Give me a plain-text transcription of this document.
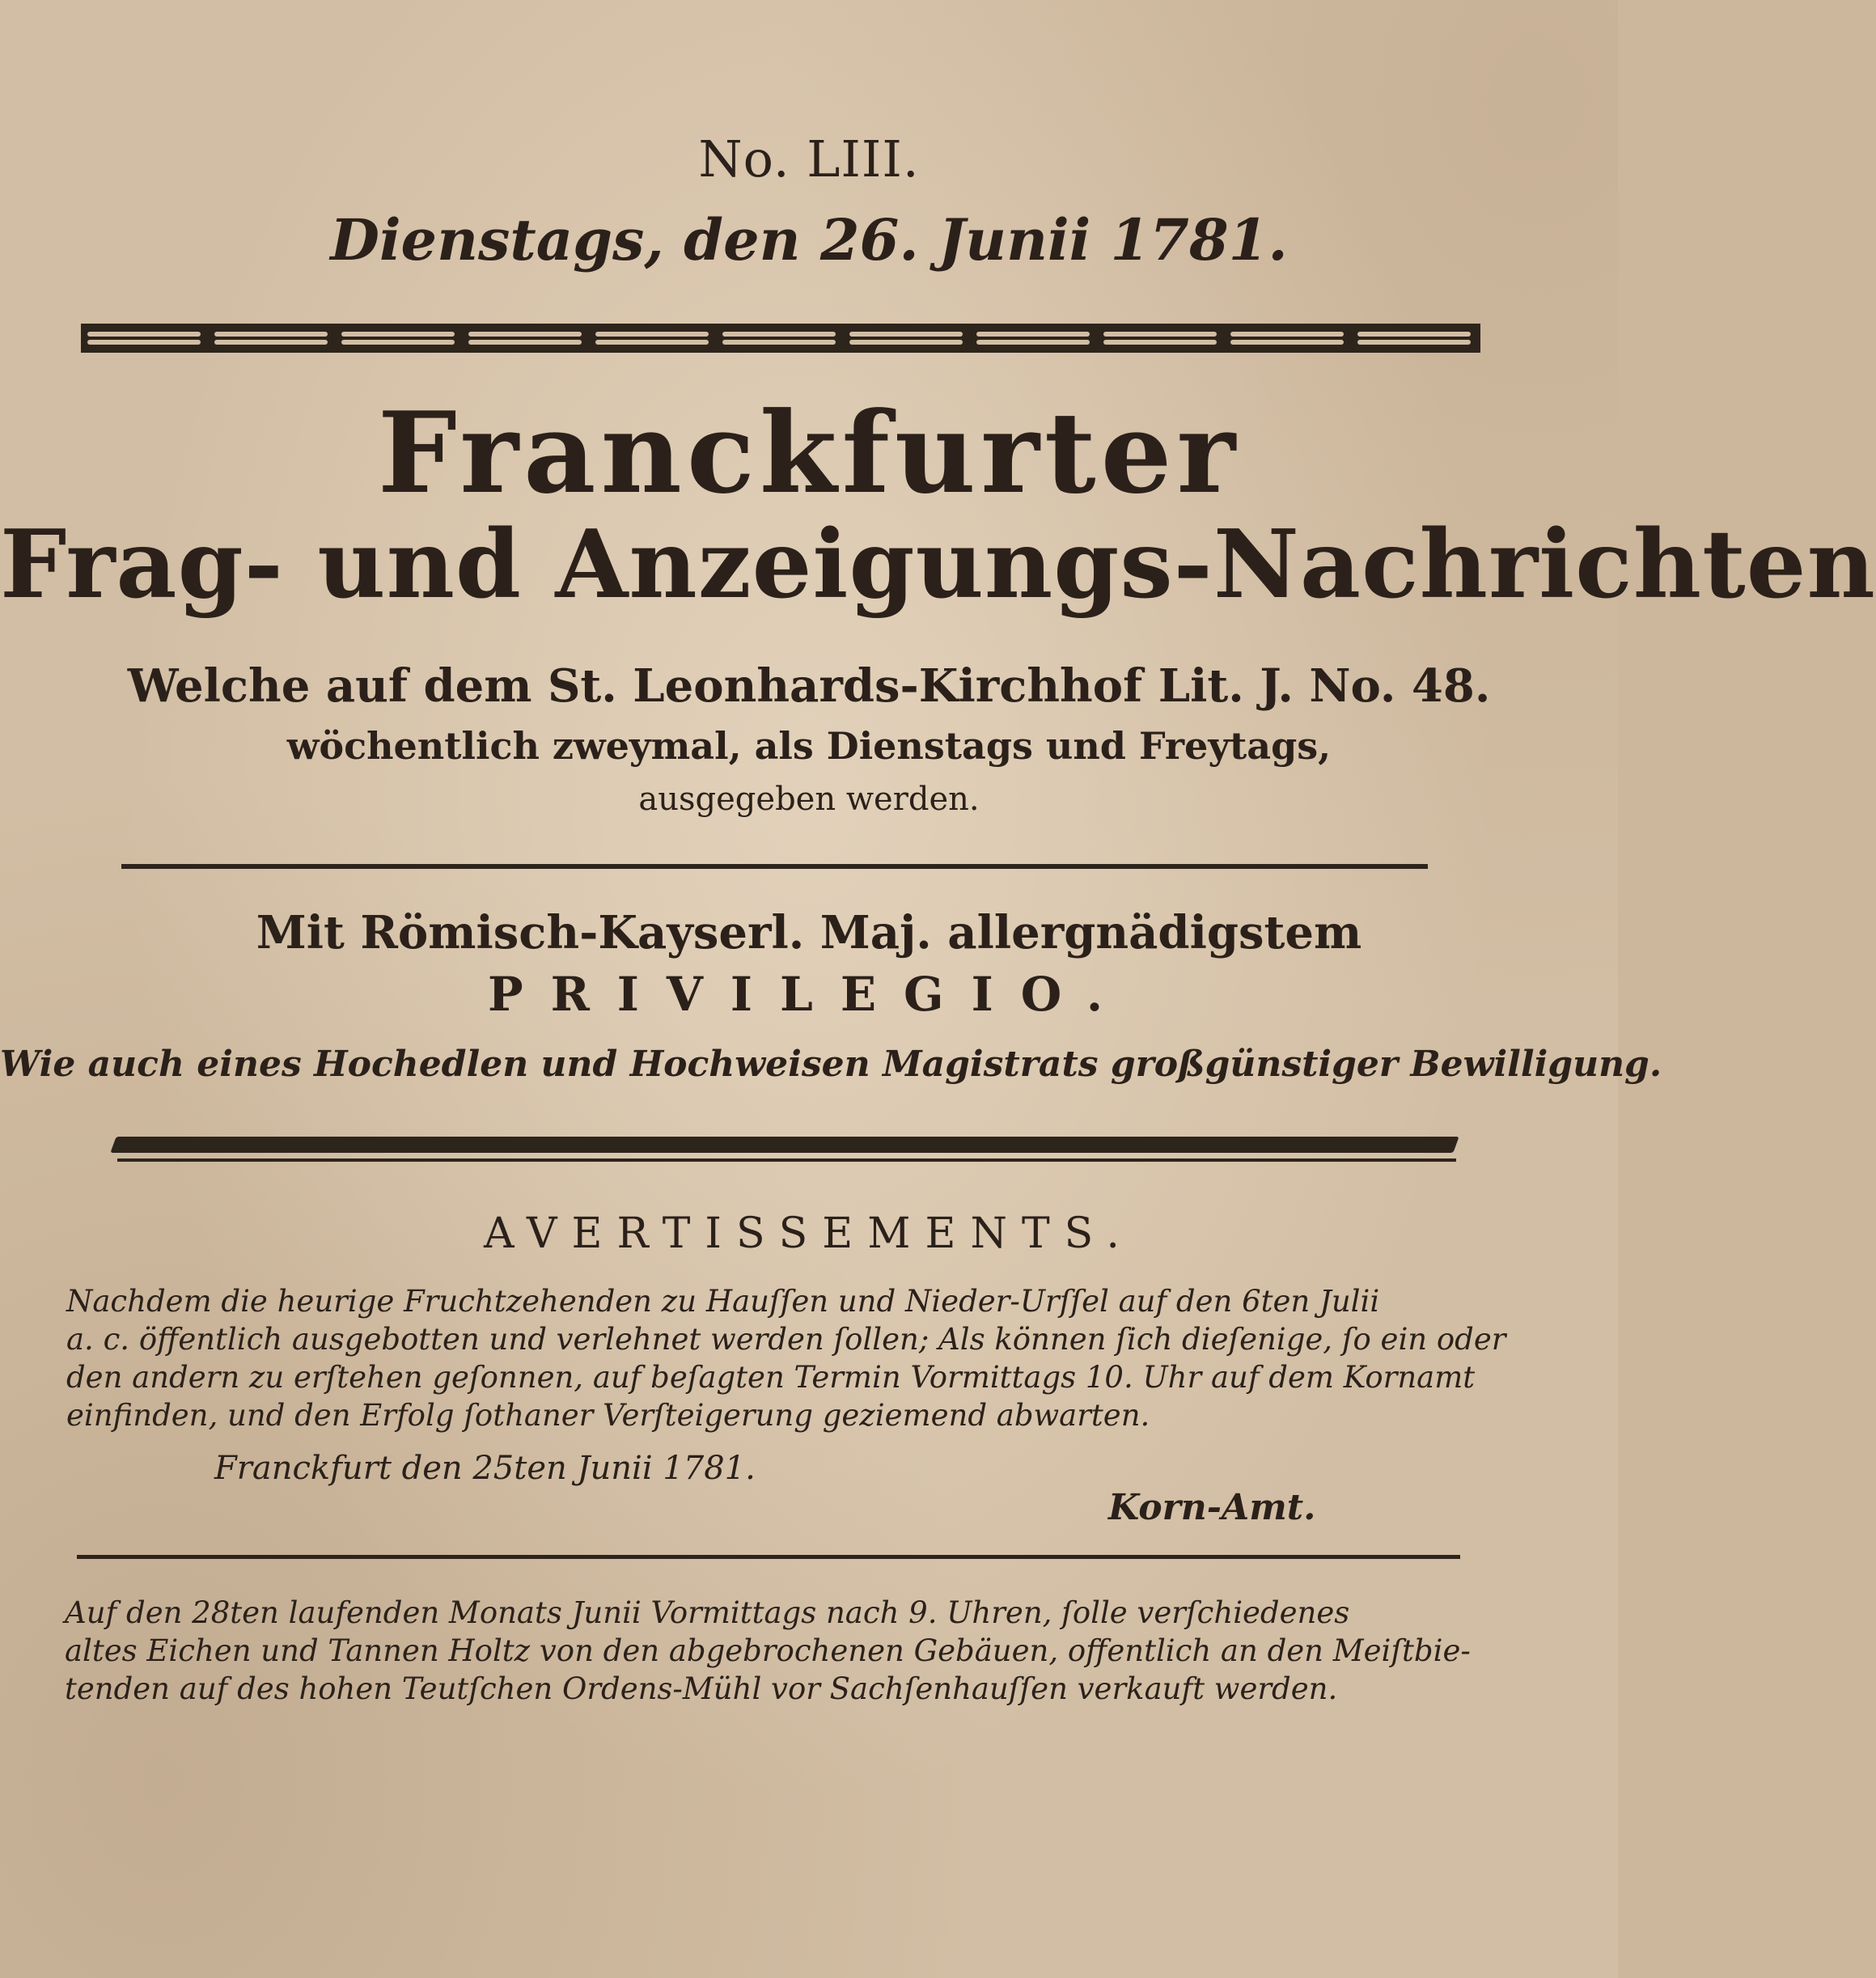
No. LIII.
Dienstags, den 26. Junii 1781.
Franckfurter
Frag- und Anzeigungs-Nachrichten
Welche auf dem St. Leonhards-Kirchhof Lit. J. No. 48.
wöchentlich zweymal, als Dienstags und Freytags,
ausgegeben werden.
Mit Römisch-Kayserl. Maj. allergnädigstem
PRIVILEGIO.
Wie auch eines Hochedlen und Hochweisen Magistrats großgünstiger Bewilligung.
AVERTISSEMENTS.
Nachdem die heurige Fruchtzehenden zu Hauſſen und Nieder-Urſſel auf den 6ten Julii
a. c. öffentlich ausgebotten und verlehnet werden ſollen; Als können ſich dieſenige, ſo ein oder
den andern zu erſtehen geſonnen, auf beſagten Termin Vormittags 10. Uhr auf dem Kornamt
einfinden, und den Erfolg ſothaner Verſteigerung geziemend abwarten.
Franckfurt den 25ten Junii 1781.
Korn-Amt.
Auf den 28ten laufenden Monats Junii Vormittags nach 9. Uhren, ſolle verſchiedenes
altes Eichen und Tannen Holtz von den abgebrochenen Gebäuen, offentlich an den Meiſtbie-
tenden auf des hohen Teutſchen Ordens-Mühl vor Sachſenhauſſen verkauft werden.
